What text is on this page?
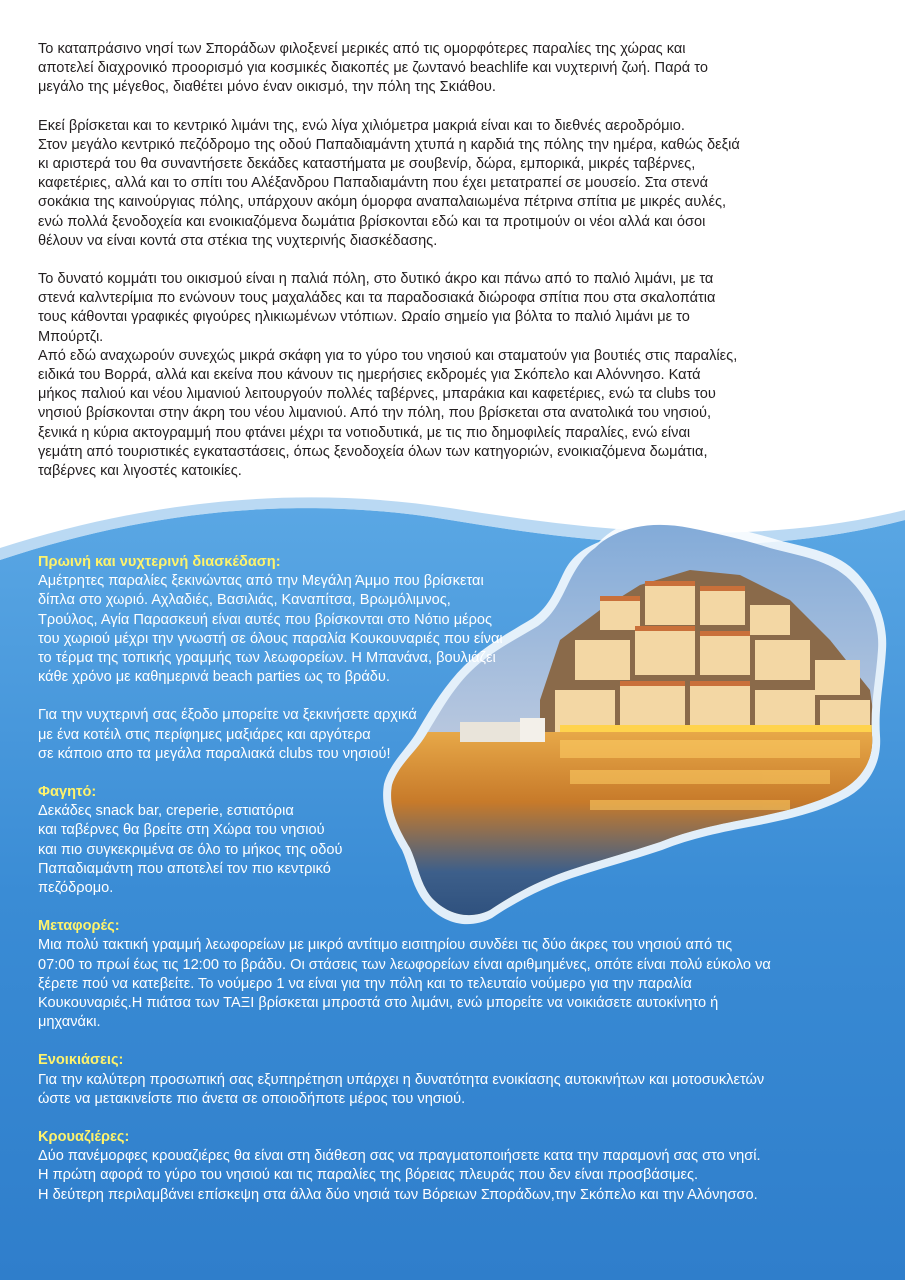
Το καταπράσινο νησί των Σποράδων φιλοξενεί μερικές από τις ομορφότερες παραλίες της χώρας και
αποτελεί διαχρονικό προορισμό για κοσμικές διακοπές με ζωντανό beachlife και νυχτερινή ζωή. Παρά το
μεγάλο της μέγεθος, διαθέτει μόνο έναν οικισμό, την πόλη της Σκιάθου.

Εκεί βρίσκεται και το κεντρικό λιμάνι της, ενώ λίγα χιλιόμετρα μακριά είναι και το διεθνές αεροδρόμιο.
Στον μεγάλο κεντρικό πεζόδρομο της οδού Παπαδιαμάντη χτυπά η καρδιά της πόλης την ημέρα, καθώς δεξιά
κι αριστερά του θα συναντήσετε δεκάδες καταστήματα με σουβενίρ, δώρα, εμπορικά, μικρές ταβέρνες,
καφετέριες, αλλά και το σπίτι του Αλέξανδρου Παπαδιαμάντη που έχει μετατραπεί σε μουσείο. Στα στενά
σοκάκια της καινούργιας πόλης, υπάρχουν ακόμη όμορφα αναπαλαιωμένα πέτρινα σπίτια με μικρές αυλές,
ενώ πολλά ξενοδοχεία και ενοικιαζόμενα δωμάτια βρίσκονται εδώ και τα προτιμούν οι νέοι αλλά και όσοι
θέλουν να είναι κοντά στα στέκια της νυχτερινής διασκέδασης.

Το δυνατό κομμάτι του οικισμού είναι η παλιά πόλη, στο δυτικό άκρο και πάνω από το παλιό λιμάνι, με τα
στενά καλντερίμια πο ενώνουν τους μαχαλάδες και τα παραδοσιακά διώροφα σπίτια που στα σκαλοπάτια
τους κάθονται γραφικές φιγούρες ηλικιωμένων ντόπιων. Ωραίο σημείο για βόλτα το παλιό λιμάνι με το
Μπούρτζι.

Από εδώ αναχωρούν συνεχώς μικρά σκάφη για το γύρο του νησιού και σταματούν για βουτιές στις παραλίες,
ειδικά του Βορρά, αλλά και εκείνα που κάνουν τις ημερήσιες εκδρομές για Σκόπελο και Αλόννησο. Κατά
μήκος παλιού και νέου λιμανιού λειτουργούν πολλές ταβέρνες, μπαράκια και καφετέριες, ενώ τα clubs του
νησιού βρίσκονται στην άκρη του νέου λιμανιού. Από την πόλη, που βρίσκεται στα ανατολικά του νησιού,
ξενικά η κύρια ακτογραμμή που φτάνει μέχρι τα νοτιοδυτικά, με τις πιο δημοφιλείς παραλίες, ενώ είναι
γεμάτη από τουριστικές εγκαταστάσεις, όπως ξενοδοχεία όλων των κατηγοριών, ενοικιαζόμενα δωμάτια,
ταβέρνες και λιγοστές κατοικίες.

Πρωινή και νυχτερινή διασκέδαση:
Αμέτρητες παραλίες ξεκινώντας από την Μεγάλη Άμμο που βρίσκεται
δίπλα στο χωριό. Αχλαδιές, Βασιλιάς, Καναπίτσα, Βρωμόλιμνος,
Τρούλος, Αγία Παρασκευή είναι αυτές που βρίσκονται στο Νότιο μέρος
του χωριού μέχρι την γνωστή σε όλους παραλία Κουκουναριές που είναι
το τέρμα της τοπικής γραμμής των λεωφορείων. Η Μπανάνα, βουλιάζει
κάθε χρόνο με καθημερινά beach parties ως το βράδυ.
Για την νυχτερινή σας έξοδο μπορείτε να ξεκινήσετε αρχικά
με ένα κοτέιλ στις περίφημες μαξιάρες και αργότερα
σε κάποιο απο τα μεγάλα παραλιακά clubs του νησιού!
Φαγητό:
Δεκάδες snack bar, creperie, εστιατόρια
και ταβέρνες θα βρείτε στη Χώρα του νησιού
και πιο συγκεκριμένα σε όλο το μήκος της οδού
Παπαδιαμάντη που αποτελεί τον πιο κεντρικό
πεζόδρομο.
Μεταφορές:
Μια πολύ τακτική γραμμή λεωφορείων με μικρό αντίτιμο εισιτηρίου συνδέει τις δύο άκρες του νησιού από τις
07:00 το πρωί έως τις 12:00 το βράδυ. Οι στάσεις των λεωφορείων είναι αριθμημένες, οπότε είναι πολύ εύκολο να
ξέρετε πού να κατεβείτε. Το νούμερο 1 να είναι για την πόλη και το τελευταίο νούμερο για την παραλία
Κουκουναριές.Η πιάτσα των ΤΑΞΙ βρίσκεται μπροστά στο λιμάνι, ενώ μπορείτε να νοικιάσετε αυτοκίνητο ή
μηχανάκι.
Ενοικιάσεις:
Για την καλύτερη προσωπική σας εξυπηρέτηση υπάρχει η δυνατότητα ενοικίασης αυτοκινήτων και μοτοσυκλετών
ώστε να μετακινείστε πιο άνετα σε οποιοδήποτε μέρος του νησιού.
Κρουαζιέρες:
Δύο πανέμορφες κρουαζιέρες θα είναι στη διάθεση σας να πραγματοποιήσετε κατα την παραμονή σας στο νησί.
Η πρώτη αφορά το γύρο του νησιού και τις παραλίες της βόρειας πλευράς που δεν είναι προσβάσιμες.
Η δεύτερη περιλαμβάνει επίσκεψη στα άλλα δύο νησιά των Βόρειων Σποράδων,την Σκόπελο και την Αλόνησσο.
